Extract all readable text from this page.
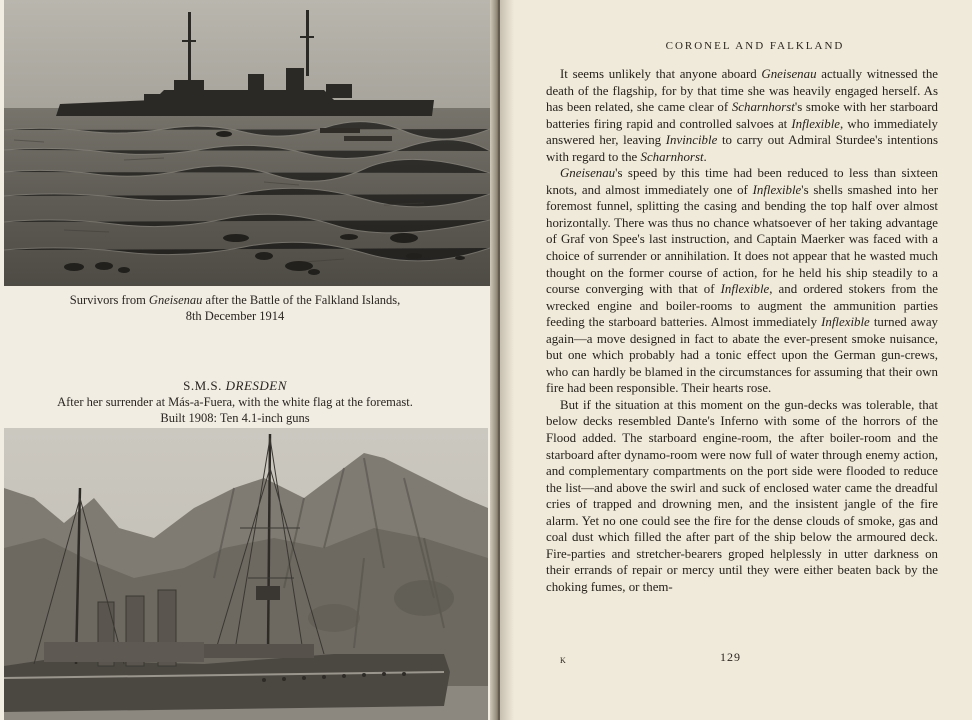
Survivors from Gneisenau after the Battle of the Falkland Islands,
8th December 1914
S.M.S. DRESDEN
After her surrender at Más-a-Fuera, with the white flag at the foremast.
Built 1908: Ten 4.1-inch guns
CORONEL AND FALKLAND

It seems unlikely that anyone aboard Gneisenau actually witnessed the death of the flagship, for by that time she was heavily engaged herself. As has been related, she came clear of Scharnhorst's smoke with her starboard batteries firing rapid and controlled salvoes at Inflexible, who immediately answered her, leaving Invincible to carry out Admiral Sturdee's intentions with regard to the Scharnhorst.

Gneisenau's speed by this time had been reduced to less than sixteen knots, and almost immediately one of Inflexible's shells smashed into her foremost funnel, splitting the casing and bending the top half over almost horizontally. There was thus no chance whatsoever of her taking advantage of Graf von Spee's last instruction, and Captain Maerker was faced with a choice of surrender or annihilation. It does not appear that he wasted much thought on the former course of action, for he held his ship steadily to a course converging with that of Inflexible, and ordered stokers from the wrecked engine and boiler-rooms to augment the ammunition parties feeding the starboard batteries. Almost immediately Inflexible turned away again—a move designed in fact to abate the ever-present smoke nuisance, but one which probably had a tonic effect upon the German gun-crews, who can hardly be blamed in the circumstances for assuming that their own fire had been responsible. Their hearts rose.

But if the situation at this moment on the gun-decks was tolerable, that below decks resembled Dante's Inferno with some of the horrors of the Flood added. The starboard engine-room, the after boiler-room and the starboard after dynamo-room were now full of water through enemy action, and complementary compartments on the port side were flooded to reduce the list—and above the swirl and suck of enclosed water came the dreadful cries of trapped and drowning men, and the insistent jangle of the fire alarm. Yet no one could see the fire for the dense clouds of smoke, gas and coal dust which filled the after part of the ship below the armoured deck. Fire-parties and stretcher-bearers groped helplessly in utter darkness on their errands of repair or mercy until they were either beaten back by the choking fumes, or them-

K	129
